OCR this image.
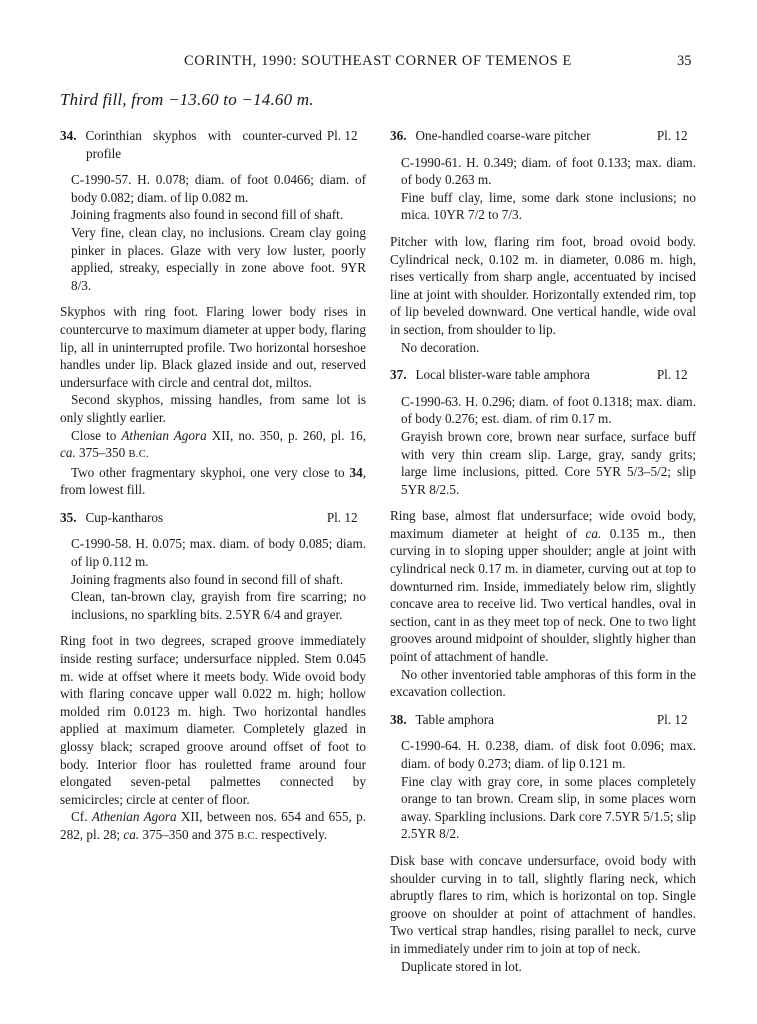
CORINTH, 1990: SOUTHEAST CORNER OF TEMENOS E	35
Third fill, from −13.60 to −14.60 m.

34. Corinthian skyphos with counter-curved profile
Pl. 12

C-1990-57. H. 0.078; diam. of foot 0.0466; diam. of body 0.082; diam. of lip 0.082 m.

Joining fragments also found in second fill of shaft.

Very fine, clean clay, no inclusions. Cream clay going pinker in places. Glaze with very low luster, poorly applied, streaky, especially in zone above foot. 9YR 8/3.

Skyphos with ring foot. Flaring lower body rises in countercurve to maximum diameter at upper body, flaring lip, all in uninterrupted profile. Two horizontal horseshoe handles under lip. Black glazed inside and out, reserved undersurface with circle and central dot, miltos.

Second skyphos, missing handles, from same lot is only slightly earlier.

Close to Athenian Agora XII, no. 350, p. 260, pl. 16, ca. 375–350 B.C.

Two other fragmentary skyphoi, one very close to 34, from lowest fill.

35. Cup-kantharos	Pl. 12

C-1990-58. H. 0.075; max. diam. of body 0.085; diam. of lip 0.112 m.

Joining fragments also found in second fill of shaft.

Clean, tan-brown clay, grayish from fire scarring; no inclusions, no sparkling bits. 2.5YR 6/4 and grayer.

Ring foot in two degrees, scraped groove immediately inside resting surface; undersurface nippled. Stem 0.045 m. wide at offset where it meets body. Wide ovoid body with flaring concave upper wall 0.022 m. high; hollow molded rim 0.0123 m. high. Two horizontal handles applied at maximum diameter. Completely glazed in glossy black; scraped groove around offset of foot to body. Interior floor has rouletted frame around four elongated seven-petal palmettes connected by semicircles; circle at center of floor.

Cf. Athenian Agora XII, between nos. 654 and 655, p. 282, pl. 28; ca. 375–350 and 375 B.C. respectively.

36. One-handled coarse-ware pitcher	Pl. 12

C-1990-61. H. 0.349; diam. of foot 0.133; max. diam. of body 0.263 m.

Fine buff clay, lime, some dark stone inclusions; no mica. 10YR 7/2 to 7/3.

Pitcher with low, flaring rim foot, broad ovoid body. Cylindrical neck, 0.102 m. in diameter, 0.086 m. high, rises vertically from sharp angle, accentuated by incised line at joint with shoulder. Horizontally extended rim, top of lip beveled downward. One vertical handle, wide oval in section, from shoulder to lip.

No decoration.

37. Local blister-ware table amphora	Pl. 12

C-1990-63. H. 0.296; diam. of foot 0.1318; max. diam. of body 0.276; est. diam. of rim 0.17 m.

Grayish brown core, brown near surface, surface buff with very thin cream slip. Large, gray, sandy grits; large lime inclusions, pitted. Core 5YR 5/3–5/2; slip 5YR 8/2.5.

Ring base, almost flat undersurface; wide ovoid body, maximum diameter at height of ca. 0.135 m., then curving in to sloping upper shoulder; angle at joint with cylindrical neck 0.17 m. in diameter, curving out at top to downturned rim. Inside, immediately below rim, slightly concave area to receive lid. Two vertical handles, oval in section, cant in as they meet top of neck. One to two light grooves around midpoint of shoulder, slightly higher than point of attachment of handle.

No other inventoried table amphoras of this form in the excavation collection.

38. Table amphora	Pl. 12

C-1990-64. H. 0.238, diam. of disk foot 0.096; max. diam. of body 0.273; diam. of lip 0.121 m.

Fine clay with gray core, in some places completely orange to tan brown. Cream slip, in some places worn away. Sparkling inclusions. Dark core 7.5YR 5/1.5; slip 2.5YR 8/2.

Disk base with concave undersurface, ovoid body with shoulder curving in to tall, slightly flaring neck, which abruptly flares to rim, which is horizontal on top. Single groove on shoulder at point of attachment of handles. Two vertical strap handles, rising parallel to neck, curve in immediately under rim to join at top of neck.

Duplicate stored in lot.
